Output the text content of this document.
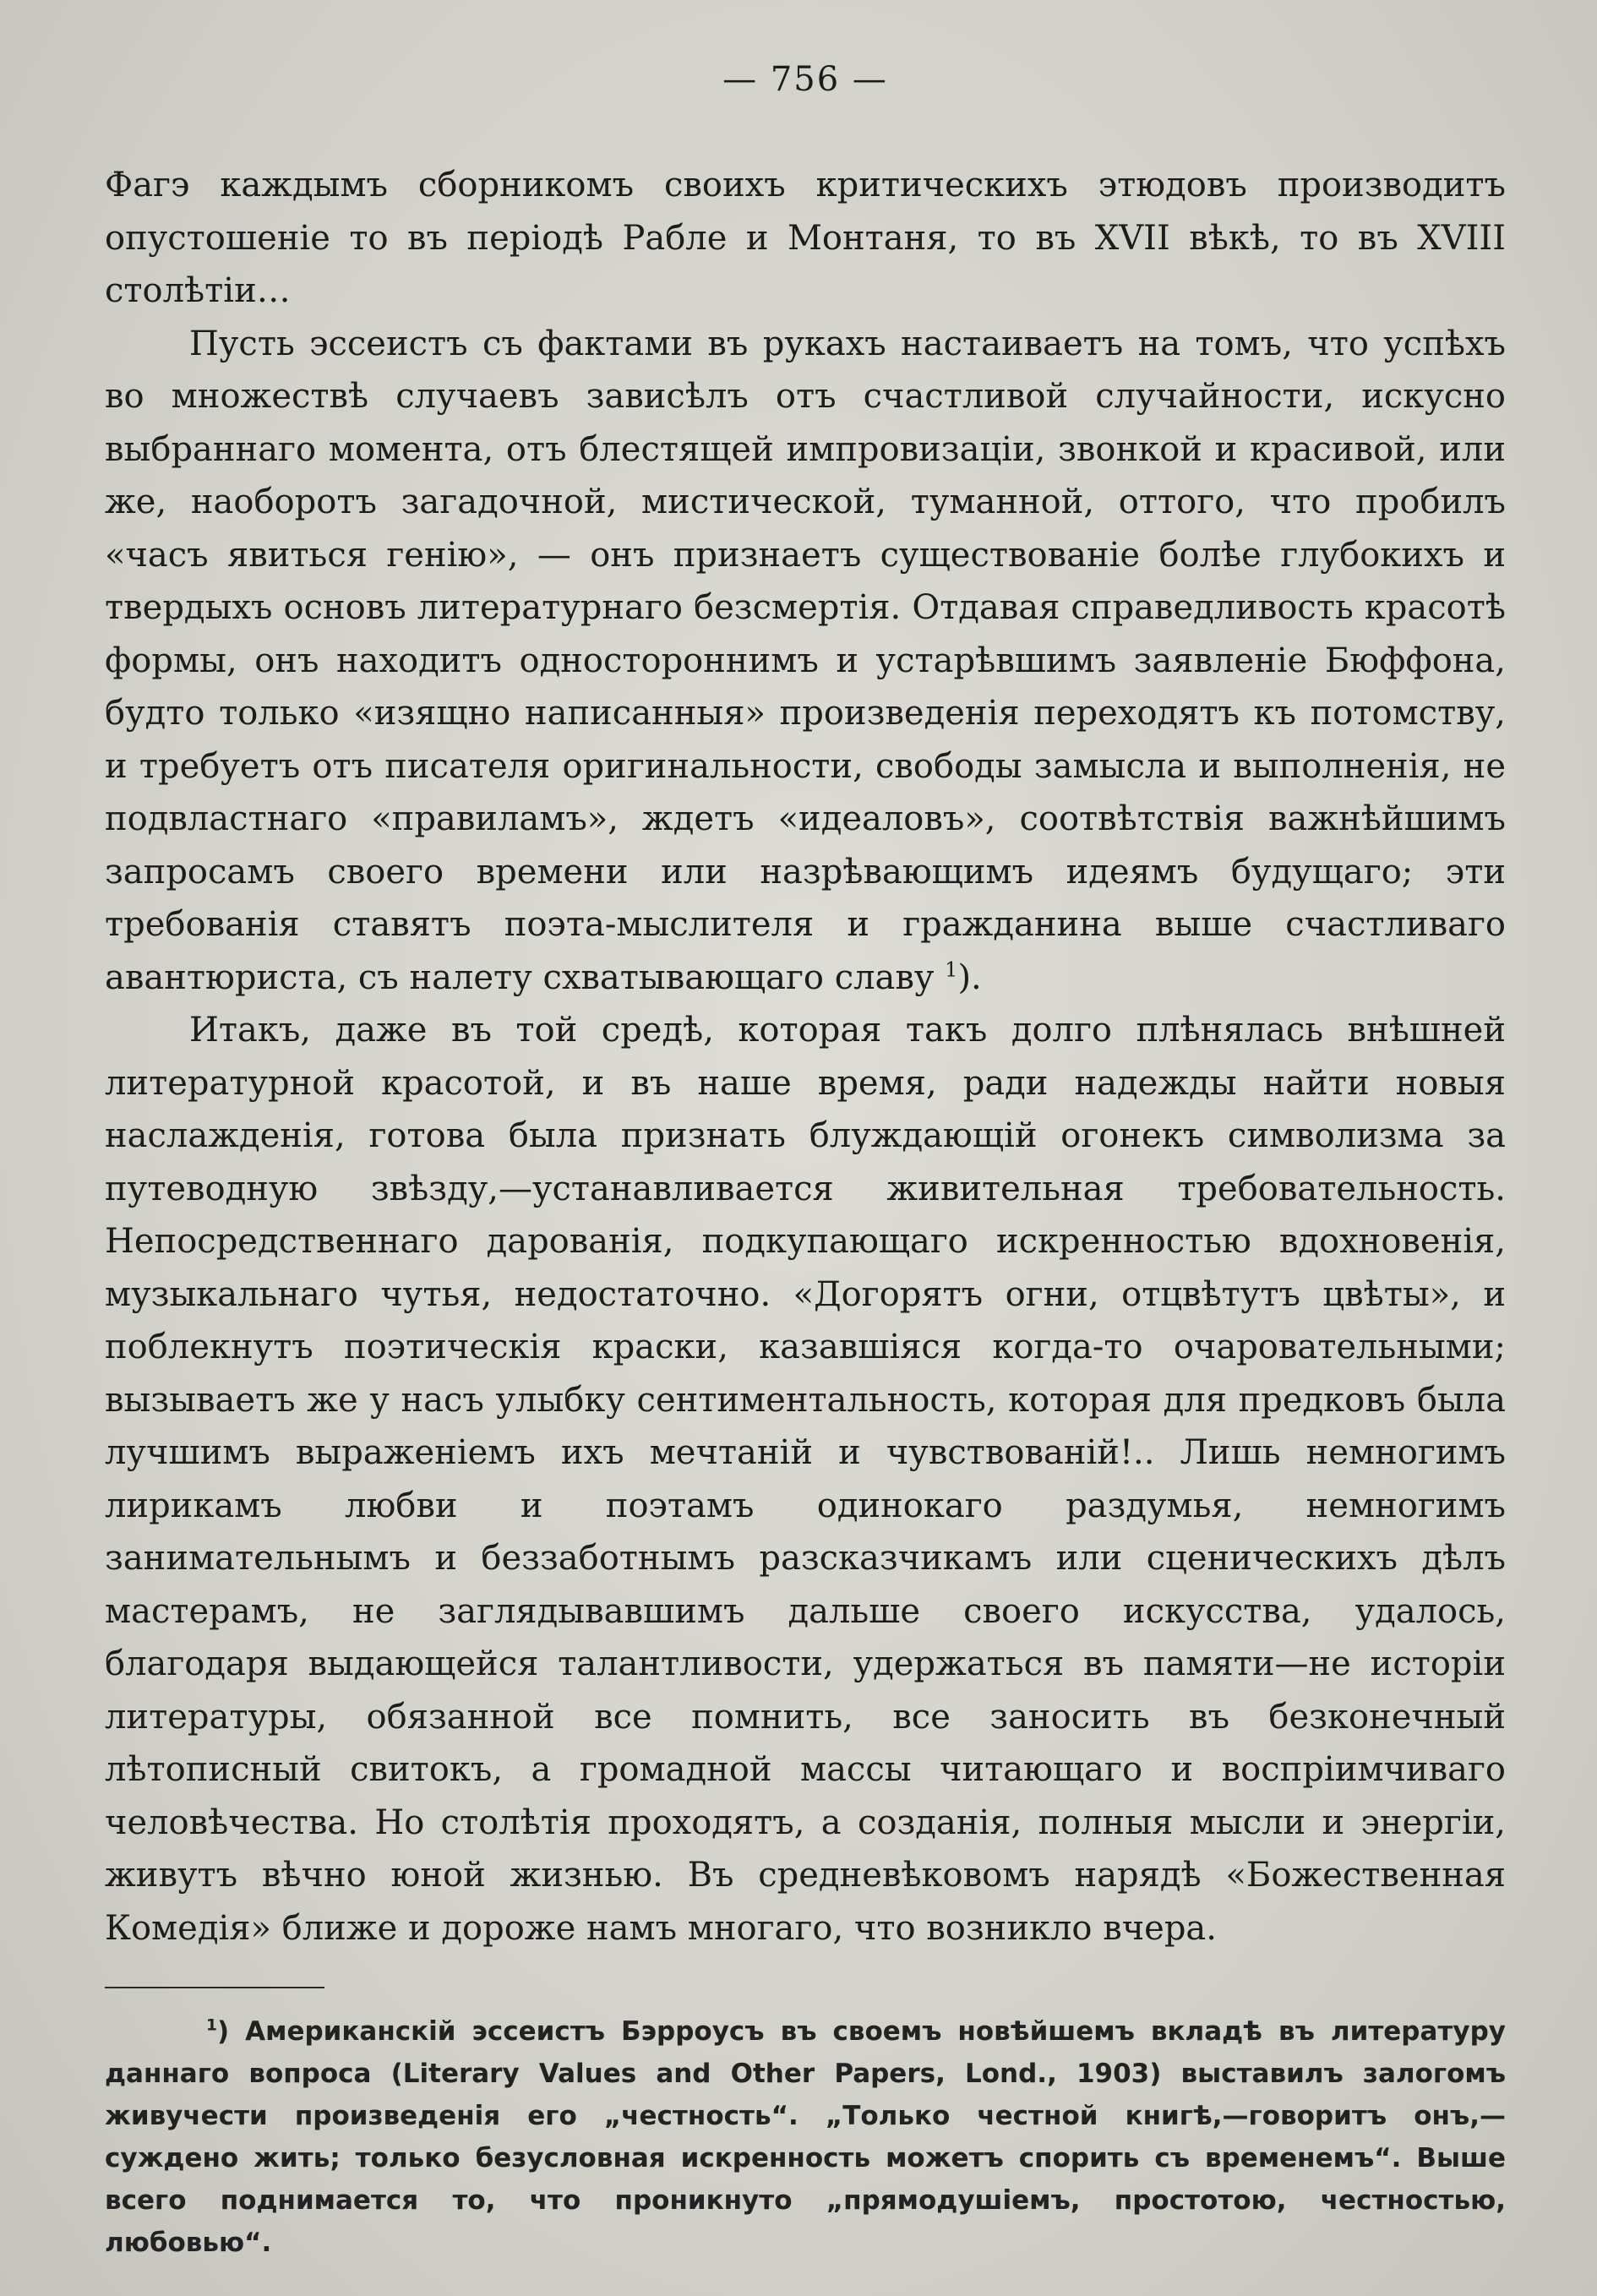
— 756 —

Фагэ каждымъ сборникомъ своихъ критическихъ этюдовъ производитъ опустошеніе то въ періодѣ Рабле и Монтаня, то въ XVII вѣкѣ, то въ XVIII столѣтіи…

Пусть эссеистъ съ фактами въ рукахъ настаиваетъ на томъ, что успѣхъ во множествѣ случаевъ зависѣлъ отъ счастливой случайности, искусно выбраннаго момента, отъ блестящей импровизаціи, звонкой и красивой, или же, наоборотъ загадочной, мистической, туманной, оттого, что пробилъ «часъ явиться генію», — онъ признаетъ существованіе болѣе глубокихъ и твердыхъ основъ литературнаго безсмертія. Отдавая справедливость красотѣ формы, онъ находитъ одностороннимъ и устарѣвшимъ заявленіе Бюффона, будто только «изящно написанныя» произведенія переходятъ къ потомству, и требуетъ отъ писателя оригинальности, свободы замысла и выполненія, не подвластнаго «правиламъ», ждетъ «идеаловъ», соотвѣтствія важнѣйшимъ запросамъ своего времени или назрѣвающимъ идеямъ будущаго; эти требованія ставятъ поэта-мыслителя и гражданина выше счастливаго авантюриста, съ налету схватывающаго славу $^1$).

Итакъ, даже въ той средѣ, которая такъ долго плѣнялась внѣшней литературной красотой, и въ наше время, ради надежды найти новыя наслажденія, готова была признать блуждающій огонекъ символизма за путеводную звѣзду,—устанавливается живительная требовательность. Непосредственнаго дарованія, подкупающаго искренностью вдохновенія, музыкальнаго чутья, недостаточно. «Догорятъ огни, отцвѣтутъ цвѣты», и поблекнутъ поэтическія краски, казавшіяся когда-то очаровательными; вызываетъ же у насъ улыбку сентиментальность, которая для предковъ была лучшимъ выраженіемъ ихъ мечтаній и чувствованій!.. Лишь немногимъ лирикамъ любви и поэтамъ одинокаго раздумья, немногимъ занимательнымъ и беззаботнымъ разсказчикамъ или сценическихъ дѣлъ мастерамъ, не заглядывавшимъ дальше своего искусства, удалось, благодаря выдающейся талантливости, удержаться въ памяти—не исторіи литературы, обязанной все помнить, все заносить въ безконечный лѣтописный свитокъ, а громадной массы читающаго и воспріимчиваго человѣчества. Но столѣтія проходятъ, а созданія, полныя мысли и энергіи, живутъ вѣчно юной жизнью. Въ средневѣковомъ нарядѣ «Божественная Комедія» ближе и дороже намъ многаго, что возникло вчера.

$^1$) Американскій эссеистъ Бэрроусъ въ своемъ новѣйшемъ вкладѣ въ литературу даннаго вопроса (Literary Values and Other Papers, Lond., 1903) выставилъ залогомъ живучести произведенія его „честность“. „Только честной книгѣ,—говоритъ онъ,—суждено жить; только безусловная искренность можетъ спорить съ временемъ“. Выше всего поднимается то, что проникнуто „прямодушіемъ, простотою, честностью, любовью“.
